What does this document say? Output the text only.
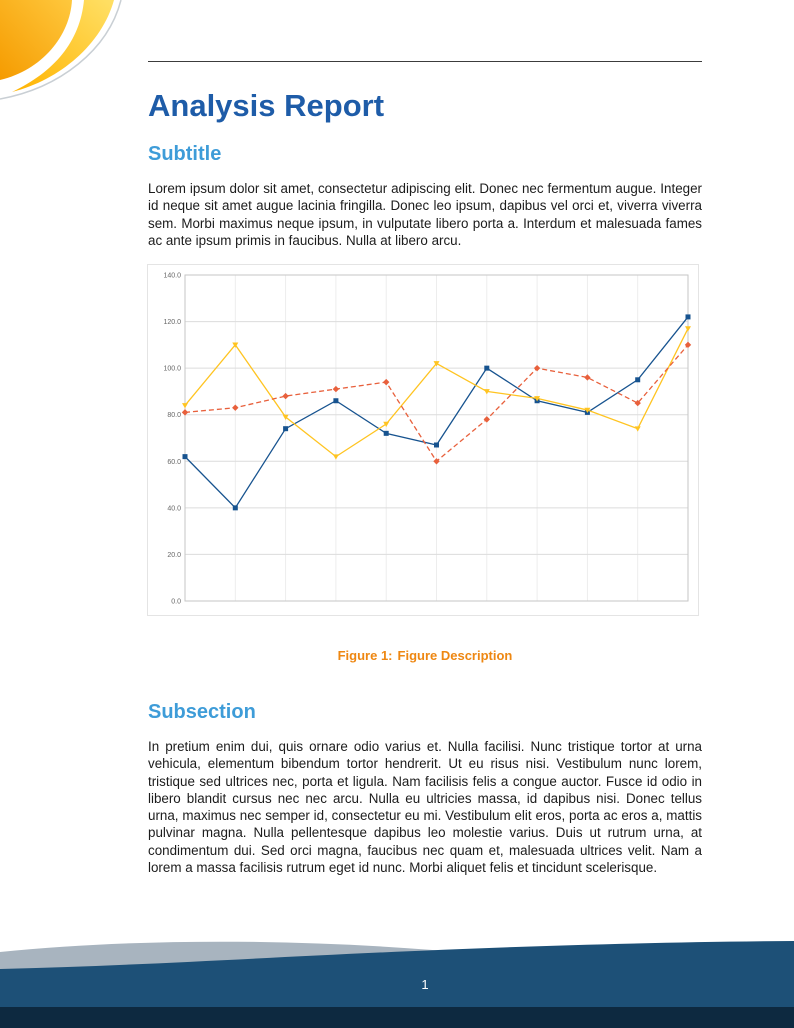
Analysis Report
Subtitle

Lorem ipsum dolor sit amet, consectetur adipiscing elit. Donec nec fermentum augue. Integer id neque sit amet augue lacinia fringilla. Donec leo ipsum, dapibus vel orci et, viverra viverra sem. Morbi maximus neque ipsum, in vulputate libero porta a. Interdum et malesuada fames ac ante ipsum primis in faucibus. Nulla at libero arcu.

0.0
20.0
40.0
60.0
80.0
100.0
120.0
140.0
Figure 1: Figure Description
Subsection

In pretium enim dui, quis ornare odio varius et. Nulla facilisi. Nunc tristique tortor at urna vehicula, elementum bibendum tortor hendrerit. Ut eu risus nisi. Vestibulum nunc lorem, tristique sed ultrices nec, porta et ligula. Nam facilisis felis a congue auctor. Fusce id odio in libero blandit cursus nec nec arcu. Nulla eu ultricies massa, id dapibus nisi. Donec tellus urna, maximus nec semper id, consectetur eu mi. Vestibulum elit eros, porta ac eros a, mattis pulvinar magna. Nulla pellentesque dapibus leo molestie varius. Duis ut rutrum urna, at condimentum dui. Sed orci magna, faucibus nec quam et, malesuada ultrices velit. Nam a lorem a massa facilisis rutrum eget id nunc. Morbi aliquet felis et tincidunt scelerisque.

1
